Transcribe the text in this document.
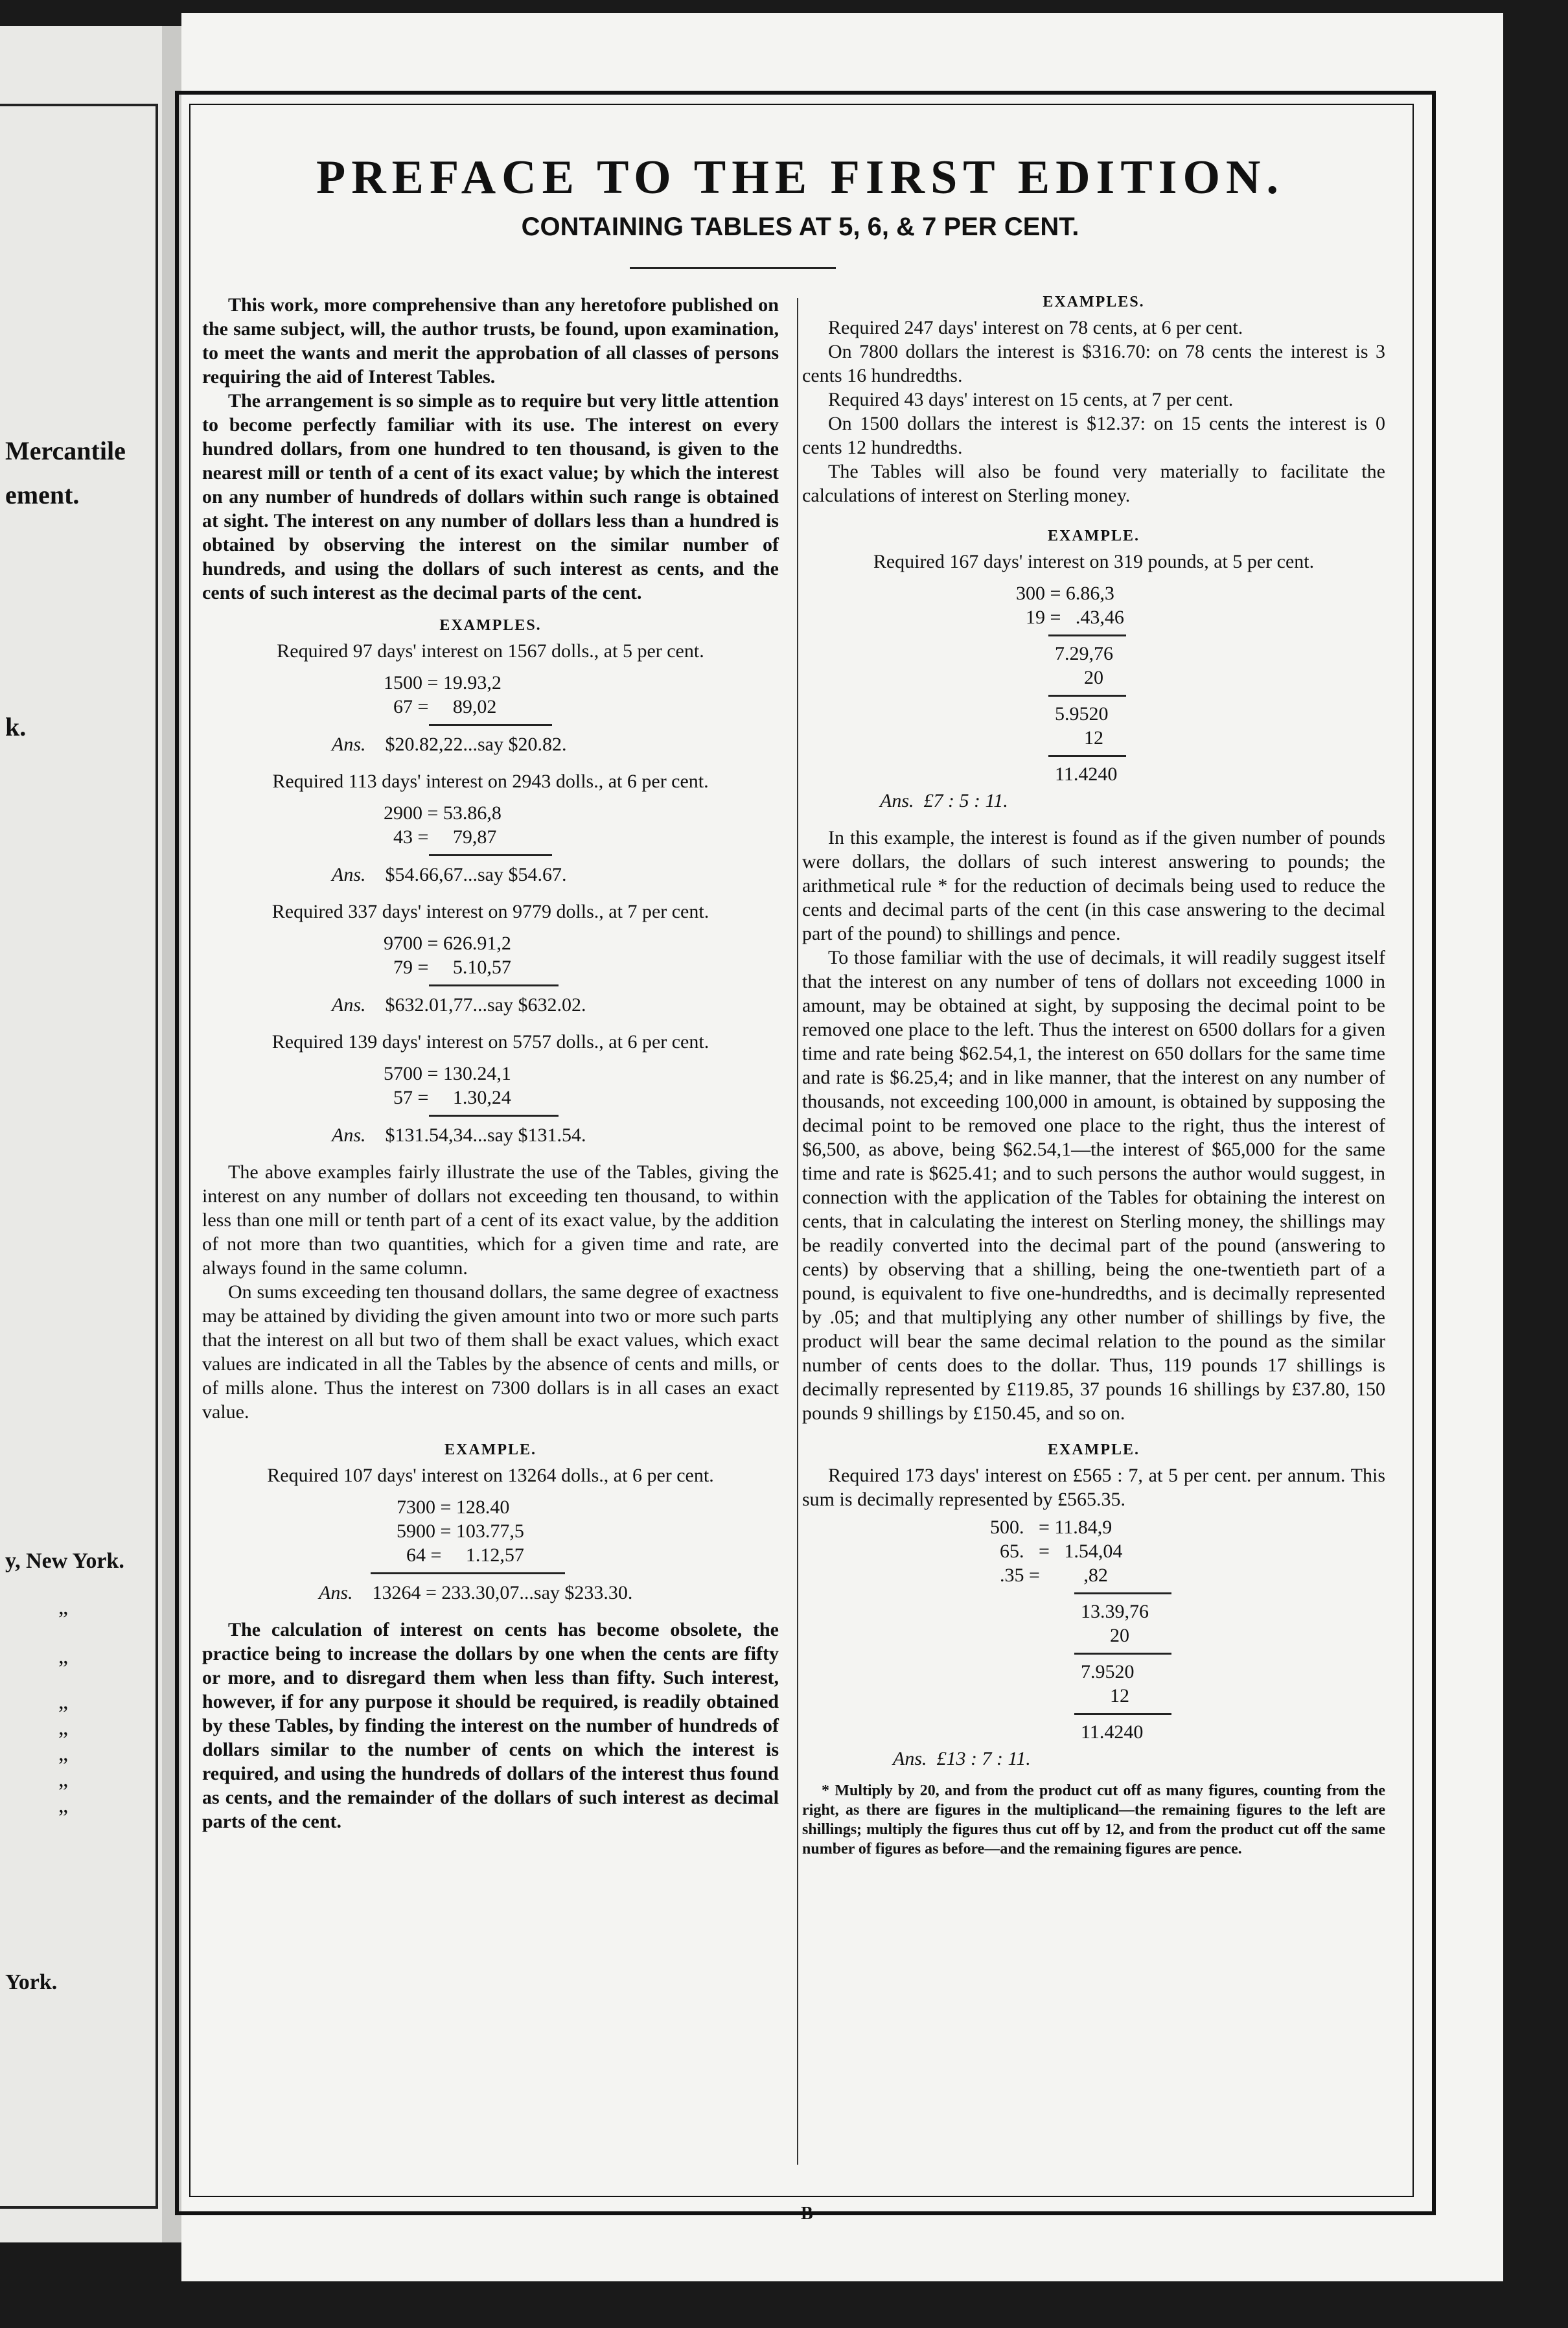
Mercantile
ement.
k.
y, New York.
”
”
”
”
”
”
”
York.
PREFACE TO THE FIRST EDITION.
CONTAINING TABLES AT 5, 6, & 7 PER CENT.

This work, more comprehensive than any heretofore published on the same subject, will, the author trusts, be found, upon examination, to meet the wants and merit the approbation of all classes of persons requiring the aid of Interest Tables.

The arrangement is so simple as to require but very little attention to become perfectly familiar with its use. The interest on every hundred dollars, from one hundred to ten thousand, is given to the nearest mill or tenth of a cent of its exact value; by which the interest on any number of hundreds of dollars within such range is obtained at sight. The interest on any number of dollars less than a hundred is obtained by observing the interest on the similar number of hundreds, and using the dollars of such interest as cents, and the cents of such interest as the decimal parts of the cent.

EXAMPLES.
Required 97 days' interest on 1567 dolls., at 5 per cent.
1500 = 19.93,2
67 =     89,02
Ans. $20.82,22...say $20.82.
Required 113 days' interest on 2943 dolls., at 6 per cent.
2900 = 53.86,8
43 =     79,87
Ans. $54.66,67...say $54.67.
Required 337 days' interest on 9779 dolls., at 7 per cent.
9700 = 626.91,2
79 =     5.10,57
Ans. $632.01,77...say $632.02.
Required 139 days' interest on 5757 dolls., at 6 per cent.
5700 = 130.24,1
57 =     1.30,24
Ans. $131.54,34...say $131.54.

The above examples fairly illustrate the use of the Tables, giving the interest on any number of dollars not exceeding ten thousand, to within less than one mill or tenth part of a cent of its exact value, by the addition of not more than two quantities, which for a given time and rate, are always found in the same column.

On sums exceeding ten thousand dollars, the same degree of exactness may be attained by dividing the given amount into two or more such parts that the interest on all but two of them shall be exact values, which exact values are indicated in all the Tables by the absence of cents and mills, or of mills alone. Thus the interest on 7300 dollars is in all cases an exact value.

EXAMPLE.
Required 107 days' interest on 13264 dolls., at 6 per cent.
7300 = 128.40
5900 = 103.77,5
64 =     1.12,57
Ans. 13264 = 233.30,07...say $233.30.

The calculation of interest on cents has become obsolete, the practice being to increase the dollars by one when the cents are fifty or more, and to disregard them when less than fifty. Such interest, however, if for any purpose it should be required, is readily obtained by these Tables, by finding the interest on the number of hundreds of dollars similar to the number of cents on which the interest is required, and using the hundreds of dollars of the interest thus found as cents, and the remainder of the dollars of such interest as decimal parts of the cent.

EXAMPLES.

Required 247 days' interest on 78 cents, at 6 per cent.

On 7800 dollars the interest is $316.70: on 78 cents the interest is 3 cents 16 hundredths.

Required 43 days' interest on 15 cents, at 7 per cent.

On 1500 dollars the interest is $12.37: on 15 cents the interest is 0 cents 12 hundredths.

The Tables will also be found very materially to facilitate the calculations of interest on Sterling money.

EXAMPLE.
Required 167 days' interest on 319 pounds, at 5 per cent.
300 = 6.86,3
19 =   .43,46
7.29,76
20
5.9520
12
11.4240
Ans. £7 : 5 : 11.

In this example, the interest is found as if the given number of pounds were dollars, the dollars of such interest answering to pounds; the arithmetical rule * for the reduction of decimals being used to reduce the cents and decimal parts of the cent (in this case answering to the decimal part of the pound) to shillings and pence.

To those familiar with the use of decimals, it will readily suggest itself that the interest on any number of tens of dollars not exceeding 1000 in amount, may be obtained at sight, by supposing the decimal point to be removed one place to the left. Thus the interest on 6500 dollars for a given time and rate being $62.54,1, the interest on 650 dollars for the same time and rate is $6.25,4; and in like manner, that the interest on any number of thousands, not exceeding 100,000 in amount, is obtained by supposing the decimal point to be removed one place to the right, thus the interest of $6,500, as above, being $62.54,1—the interest of $65,000 for the same time and rate is $625.41; and to such persons the author would suggest, in connection with the application of the Tables for obtaining the interest on cents, that in calculating the interest on Sterling money, the shillings may be readily converted into the decimal part of the pound (answering to cents) by observing that a shilling, being the one-twentieth part of a pound, is equivalent to five one-hundredths, and is decimally represented by .05; and that multiplying any other number of shillings by five, the product will bear the same decimal relation to the pound as the similar number of cents does to the dollar. Thus, 119 pounds 17 shillings is decimally represented by £119.85, 37 pounds 16 shillings by £37.80, 150 pounds 9 shillings by £150.45, and so on.

EXAMPLE.

Required 173 days' interest on £565 : 7, at 5 per cent. per annum. This sum is decimally represented by £565.35.

500.   = 11.84,9
65.   =   1.54,04
.35 =         ,82
13.39,76
20
7.9520
12
11.4240
Ans. £13 : 7 : 11.

* Multiply by 20, and from the product cut off as many figures, counting from the right, as there are figures in the multiplicand—the remaining figures to the left are shillings; multiply the figures thus cut off by 12, and from the product cut off the same number of figures as before—and the remaining figures are pence.

B
